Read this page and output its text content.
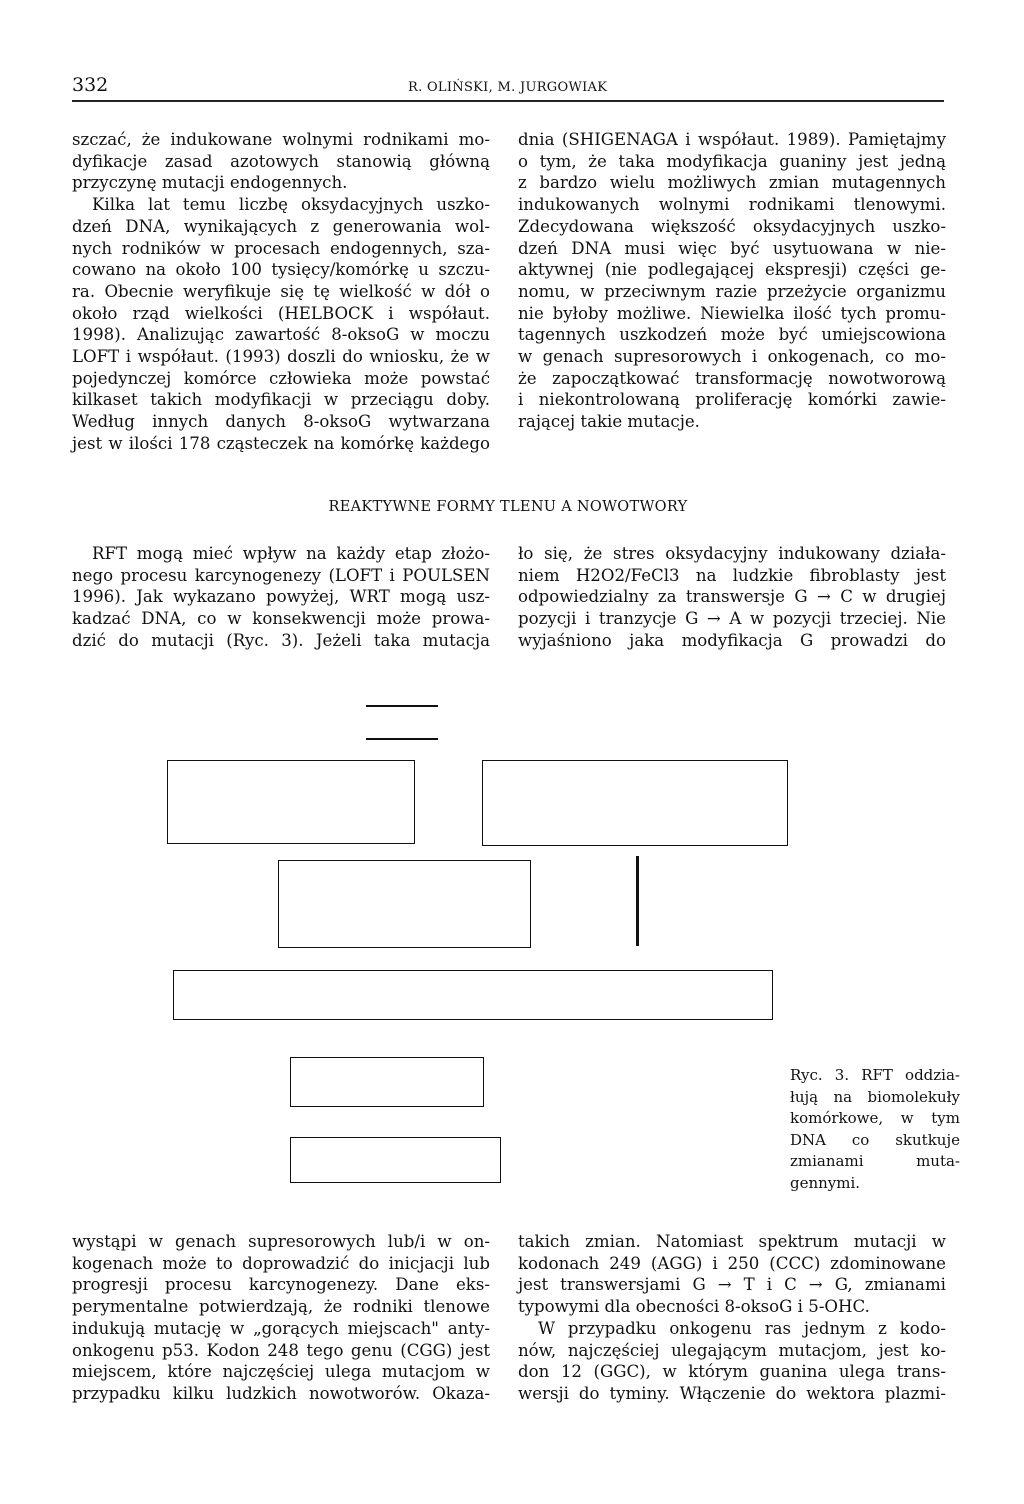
332	R. OLIŃSKI, M. JURGOWIAK
szczać, że indukowane wolnymi rodnikami mo-
dyfikacje zasad azotowych stanowią główną
przyczynę mutacji endogennych.
Kilka lat temu liczbę oksydacyjnych uszko-
dzeń DNA, wynikających z generowania wol-
nych rodników w procesach endogennych, sza-
cowano na około 100 tysięcy/komórkę u szczu-
ra. Obecnie weryfikuje się tę wielkość w dół o
około rząd wielkości (HELBOCK i współaut.
1998). Analizując zawartość 8-oksoG w moczu
LOFT i współaut. (1993) doszli do wniosku, że w
pojedynczej komórce człowieka może powstać
kilkaset takich modyfikacji w przeciągu doby.
Według innych danych 8-oksoG wytwarzana
jest w ilości 178 cząsteczek na komórkę każdego
dnia (SHIGENAGA i współaut. 1989). Pamiętajmy
o tym, że taka modyfikacja guaniny jest jedną
z bardzo wielu możliwych zmian mutagennych
indukowanych wolnymi rodnikami tlenowymi.
Zdecydowana większość oksydacyjnych uszko-
dzeń DNA musi więc być usytuowana w nie-
aktywnej (nie podlegającej ekspresji) części ge-
nomu, w przeciwnym razie przeżycie organizmu
nie byłoby możliwe. Niewielka ilość tych promu-
tagennych uszkodzeń może być umiejscowiona
w genach supresorowych i onkogenach, co mo-
że zapoczątkować transformację nowotworową
i niekontrolowaną proliferację komórki zawie-
rającej takie mutacje.
REAKTYWNE FORMY TLENU A NOWOTWORY
RFT mogą mieć wpływ na każdy etap złożo-
nego procesu karcynogenezy (LOFT i POULSEN
1996). Jak wykazano powyżej, WRT mogą usz-
kadzać DNA, co w konsekwencji może prowa-
dzić do mutacji (Ryc. 3). Jeżeli taka mutacja
ło się, że stres oksydacyjny indukowany działa-
niem H2O2/FeCl3 na ludzkie fibroblasty jest
odpowiedzialny za transwersje G → C w drugiej
pozycji i tranzycje G → A w pozycji trzeciej. Nie
wyjaśniono jaka modyfikacja G prowadzi do
Ryc. 3. RFT oddzia-
łują na biomolekuły
komórkowe, w tym
DNA co skutkuje
zmianami muta-
gennymi.
wystąpi w genach supresorowych lub/i w on-
kogenach może to doprowadzić do inicjacji lub
progresji procesu karcynogenezy. Dane eks-
perymentalne potwierdzają, że rodniki tlenowe
indukują mutację w „gorących miejscach" anty-
onkogenu p53. Kodon 248 tego genu (CGG) jest
miejscem, które najczęściej ulega mutacjom w
przypadku kilku ludzkich nowotworów. Okaza-
takich zmian. Natomiast spektrum mutacji w
kodonach 249 (AGG) i 250 (CCC) zdominowane
jest transwersjami G → T i C → G, zmianami
typowymi dla obecności 8-oksoG i 5-OHC.
W przypadku onkogenu ras jednym z kodo-
nów, najczęściej ulegającym mutacjom, jest ko-
don 12 (GGC), w którym guanina ulega trans-
wersji do tyminy. Włączenie do wektora plazmi-
